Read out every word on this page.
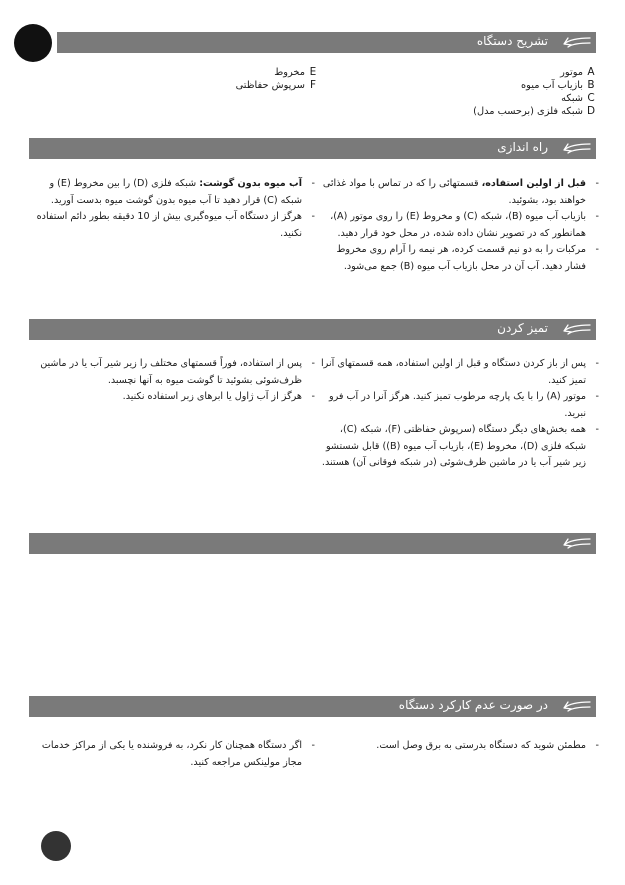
تشریح دستگاه
Aموتور
Bبازیاب آب میوه
Cشبکه
Dشبکه فلزی (برحسب مدل)
Eمخروط
Fسرپوش حفاظتی
راه اندازی
- قبل از اولین استفاده، قسمتهائی را که در تماس با مواد غذائی خواهند بود، بشوئید.
- بازیاب آب میوه (B)، شبکه (C) و مخروط (E) را روی موتور (A)، همانطور که در تصویر نشان داده شده، در محل خود قرار دهید.
- مرکبات را به دو نیم قسمت کرده، هر نیمه را آرام روی مخروط فشار دهید. آب آن در محل بازیاب آب میوه (B) جمع می‌شود.
- آب میوه بدون گوشت: شبکه فلزی (D) را بین مخروط (E) و شبکه (C) قرار دهید تا آب میوه بدون گوشت میوه بدست آورید.
- هرگز از دستگاه آب میوه‌گیری بیش از 10 دقیقه بطور دائم استفاده نکنید.
تمیز کردن
- پس از باز کردن دستگاه و قبل از اولین استفاده، همه قسمتهای آنرا تمیز کنید.
- موتور (A) را با یک پارچه مرطوب تمیز کنید. هرگز آنرا در آب فرو نبرید.
- همه بخش‌های دیگر دستگاه (سرپوش حفاظتی (F)، شبکه (C)، شبکه فلزی (D)، مخروط (E)، بازیاب آب میوه (B)) قابل شستشو زیر شیر آب یا در ماشین ظرف‌شوئی (در شبکه فوقانی آن) هستند.
- پس از استفاده، فوراً قسمتهای مختلف را زیر شیر آب یا در ماشین ظرف‌شوئی بشوئید تا گوشت میوه به آنها نچسبد.
- هرگز از آب ژاول یا ابرهای زبر استفاده نکنید.
در صورت عدم کارکرد دستگاه
- مطمئن شوید که دستگاه بدرستی به برق وصل است.
- اگر دستگاه همچنان کار نکرد، به فروشنده یا یکی از مراکز خدمات مجاز مولینکس مراجعه کنید.
